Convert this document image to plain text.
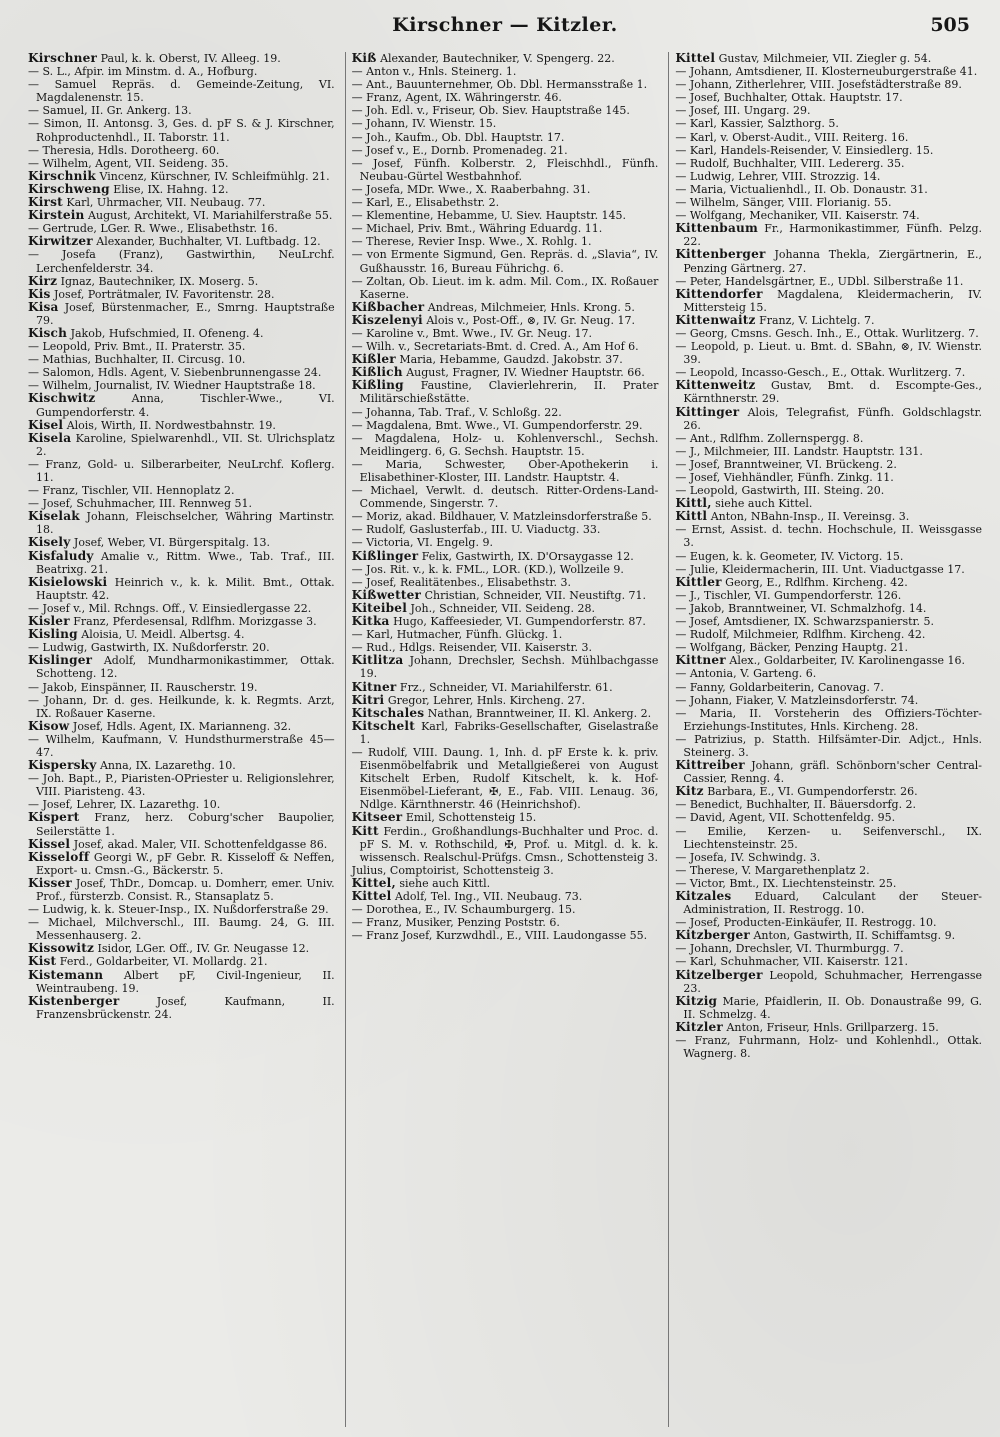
Kirschner — Kitzler.	505

Kirschner Paul, k. k. Oberst, IV. Alleeg. 19.

— S. L., Afpir. im Minstm. d. A., Hofburg.

— Samuel Repräs. d. Gemeinde-Zeitung, VI. Magdalenenstr. 15.

— Samuel, II. Gr. Ankerg. 13.

— Simon, II. Antonsg. 3, Ges. d. pF S. & J. Kirschner, Rohproductenhdl., II. Taborstr. 11.

— Theresia, Hdls. Dorotheerg. 60.

— Wilhelm, Agent, VII. Seideng. 35.

Kirschnik Vincenz, Kürschner, IV. Schleifmühlg. 21.

Kirschweng Elise, IX. Hahng. 12.

Kirst Karl, Uhrmacher, VII. Neubaug. 77.

Kirstein August, Architekt, VI. Mariahilferstraße 55.

— Gertrude, LGer. R. Wwe., Elisabethstr. 16.

Kirwitzer Alexander, Buchhalter, VI. Luftbadg. 12.

— Josefa (Franz), Gastwirthin, NeuLrchf. Lerchenfelderstr. 34.

Kirz Ignaz, Bautechniker, IX. Moserg. 5.

Kis Josef, Porträtmaler, IV. Favoritenstr. 28.

Kisa Josef, Bürstenmacher, E., Smrng. Hauptstraße 79.

Kisch Jakob, Hufschmied, II. Ofeneng. 4.

— Leopold, Priv. Bmt., II. Praterstr. 35.

— Mathias, Buchhalter, II. Circusg. 10.

— Salomon, Hdls. Agent, V. Siebenbrunnengasse 24.

— Wilhelm, Journalist, IV. Wiedner Hauptstraße 18.

Kischwitz Anna, Tischler-Wwe., VI. Gumpendorferstr. 4.

Kisel Alois, Wirth, II. Nordwestbahnstr. 19.

Kisela Karoline, Spielwarenhdl., VII. St. Ulrichsplatz 2.

— Franz, Gold- u. Silberarbeiter, NeuLrchf. Koflerg. 11.

— Franz, Tischler, VII. Hennoplatz 2.

— Josef, Schuhmacher, III. Rennweg 51.

Kiselak Johann, Fleischselcher, Währing Martinstr. 18.

Kisely Josef, Weber, VI. Bürgerspitalg. 13.

Kisfaludy Amalie v., Rittm. Wwe., Tab. Traf., III. Beatrixg. 21.

Kisielowski Heinrich v., k. k. Milit. Bmt., Ottak. Hauptstr. 42.

— Josef v., Mil. Rchngs. Off., V. Einsiedlergasse 22.

Kisler Franz, Pferdesensal, Rdlfhm. Morizgasse 3.

Kisling Aloisia, U. Meidl. Albertsg. 4.

— Ludwig, Gastwirth, IX. Nußdorferstr. 20.

Kislinger Adolf, Mundharmonikastimmer, Ottak. Schotteng. 12.

— Jakob, Einspänner, II. Rauscherstr. 19.

— Johann, Dr. d. ges. Heilkunde, k. k. Regmts. Arzt, IX. Roßauer Kaserne.

Kisow Josef, Hdls. Agent, IX. Marianneng. 32.

— Wilhelm, Kaufmann, V. Hundsthurmerstraße 45—47.

Kispersky Anna, IX. Lazarethg. 10.

— Joh. Bapt., P., Piaristen-OPriester u. Religionslehrer, VIII. Piaristeng. 43.

— Josef, Lehrer, IX. Lazarethg. 10.

Kispert Franz, herz. Coburg'scher Baupolier, Seilerstätte 1.

Kissel Josef, akad. Maler, VII. Schottenfeldgasse 86.

Kisseloff Georgi W., pF Gebr. R. Kisseloff & Neffen, Export- u. Cmsn.-G., Bäckerstr. 5.

Kisser Josef, ThDr., Domcap. u. Domherr, emer. Univ. Prof., fürsterzb. Consist. R., Stansaplatz 5.

— Ludwig, k. k. Steuer-Insp., IX. Nußdorferstraße 29.

— Michael, Milchverschl., III. Baumg. 24, G. III. Messenhauserg. 2.

Kissowitz Isidor, LGer. Off., IV. Gr. Neugasse 12.

Kist Ferd., Goldarbeiter, VI. Mollardg. 21.

Kistemann Albert pF, Civil-Ingenieur, II. Weintraubeng. 19.

Kistenberger Josef, Kaufmann, II. Franzensbrückenstr. 24.

Kiß Alexander, Bautechniker, V. Spengerg. 22.

— Anton v., Hnls. Steinerg. 1.

— Ant., Bauunternehmer, Ob. Dbl. Hermansstraße 1.

— Franz, Agent, IX. Währingerstr. 46.

— Joh. Edl. v., Friseur, Ob. Siev. Hauptstraße 145.

— Johann, IV. Wienstr. 15.

— Joh., Kaufm., Ob. Dbl. Hauptstr. 17.

— Josef v., E., Dornb. Promenadeg. 21.

— Josef, Fünfh. Kolberstr. 2, Fleischhdl., Fünfh. Neubau-Gürtel Westbahnhof.

— Josefa, MDr. Wwe., X. Raaberbahng. 31.

— Karl, E., Elisabethstr. 2.

— Klementine, Hebamme, U. Siev. Hauptstr. 145.

— Michael, Priv. Bmt., Währing Eduardg. 11.

— Therese, Revier Insp. Wwe., X. Rohlg. 1.

— von Ermente Sigmund, Gen. Repräs. d. „Slavia“, IV. Gußhausstr. 16, Bureau Führichg. 6.

— Zoltan, Ob. Lieut. im k. adm. Mil. Com., IX. Roßauer Kaserne.

Kißbacher Andreas, Milchmeier, Hnls. Krong. 5.

Kiszelenyi Alois v., Post-Off., ⊗, IV. Gr. Neug. 17.

— Karoline v., Bmt. Wwe., IV. Gr. Neug. 17.

— Wilh. v., Secretariats-Bmt. d. Cred. A., Am Hof 6.

Kißler Maria, Hebamme, Gaudzd. Jakobstr. 37.

Kißlich August, Fragner, IV. Wiedner Hauptstr. 66.

Kißling Faustine, Clavierlehrerin, II. Prater Militärschießstätte.

— Johanna, Tab. Traf., V. Schloßg. 22.

— Magdalena, Bmt. Wwe., VI. Gumpendorferstr. 29.

— Magdalena, Holz- u. Kohlenverschl., Sechsh. Meidlingerg. 6, G. Sechsh. Hauptstr. 15.

— Maria, Schwester, Ober-Apothekerin i. Elisabethiner-Kloster, III. Landstr. Hauptstr. 4.

— Michael, Verwlt. d. deutsch. Ritter-Ordens-Land-Commende, Singerstr. 7.

— Moriz, akad. Bildhauer, V. Matzleinsdorferstraße 5.

— Rudolf, Gaslusterfab., III. U. Viaductg. 33.

— Victoria, VI. Engelg. 9.

Kißlinger Felix, Gastwirth, IX. D'Orsaygasse 12.

— Jos. Rit. v., k. k. FML., LOR. (KD.), Wollzeile 9.

— Josef, Realitätenbes., Elisabethstr. 3.

Kißwetter Christian, Schneider, VII. Neustiftg. 71.

Kiteibel Joh., Schneider, VII. Seideng. 28.

Kitka Hugo, Kaffeesieder, VI. Gumpendorferstr. 87.

— Karl, Hutmacher, Fünfh. Glückg. 1.

— Rud., Hdlgs. Reisender, VII. Kaiserstr. 3.

Kitlitza Johann, Drechsler, Sechsh. Mühlbachgasse 19.

Kitner Frz., Schneider, VI. Mariahilferstr. 61.

Kitri Gregor, Lehrer, Hnls. Kircheng. 27.

Kitschales Nathan, Branntweiner, II. Kl. Ankerg. 2.

Kitschelt Karl, Fabriks-Gesellschafter, Giselastraße 1.

— Rudolf, VIII. Daung. 1, Inh. d. pF Erste k. k. priv. Eisenmöbelfabrik und Metallgießerei von August Kitschelt Erben, Rudolf Kitschelt, k. k. Hof-Eisenmöbel-Lieferant, ✠, E., Fab. VIII. Lenaug. 36, Ndlge. Kärnthnerstr. 46 (Heinrichshof).

Kitseer Emil, Schottensteig 15.

Kitt Ferdin., Großhandlungs-Buchhalter und Proc. d. pF S. M. v. Rothschild, ✠, Prof. u. Mitgl. d. k. k. wissensch. Realschul-Prüfgs. Cmsn., Schottensteig 3.

Julius, Comptoirist, Schottensteig 3.

Kittel, siehe auch Kittl.

Kittel Adolf, Tel. Ing., VII. Neubaug. 73.

— Dorothea, E., IV. Schaumburgerg. 15.

— Franz, Musiker, Penzing Poststr. 6.

— Franz Josef, Kurzwdhdl., E., VIII. Laudongasse 55.

Kittel Gustav, Milchmeier, VII. Ziegler g. 54.

— Johann, Amtsdiener, II. Klosterneuburgerstraße 41.

— Johann, Zitherlehrer, VIII. Josefstädterstraße 89.

— Josef, Buchhalter, Ottak. Hauptstr. 17.

— Josef, III. Ungarg. 29.

— Karl, Kassier, Salzthorg. 5.

— Karl, v. Oberst-Audit., VIII. Reiterg. 16.

— Karl, Handels-Reisender, V. Einsiedlerg. 15.

— Rudolf, Buchhalter, VIII. Ledererg. 35.

— Ludwig, Lehrer, VIII. Strozzig. 14.

— Maria, Victualienhdl., II. Ob. Donaustr. 31.

— Wilhelm, Sänger, VIII. Florianig. 55.

— Wolfgang, Mechaniker, VII. Kaiserstr. 74.

Kittenbaum Fr., Harmonikastimmer, Fünfh. Pelzg. 22.

Kittenberger Johanna Thekla, Ziergärtnerin, E., Penzing Gärtnerg. 27.

— Peter, Handelsgärtner, E., UDbl. Silberstraße 11.

Kittendorfer Magdalena, Kleidermacherin, IV. Mittersteig 15.

Kittenwaitz Franz, V. Lichtelg. 7.

— Georg, Cmsns. Gesch. Inh., E., Ottak. Wurlitzerg. 7.

— Leopold, p. Lieut. u. Bmt. d. SBahn, ⊗, IV. Wienstr. 39.

— Leopold, Incasso-Gesch., E., Ottak. Wurlitzerg. 7.

Kittenweitz Gustav, Bmt. d. Escompte-Ges., Kärnthnerstr. 29.

Kittinger Alois, Telegrafist, Fünfh. Goldschlagstr. 26.

— Ant., Rdlfhm. Zollernspergg. 8.

— J., Milchmeier, III. Landstr. Hauptstr. 131.

— Josef, Branntweiner, VI. Brückeng. 2.

— Josef, Viehhändler, Fünfh. Zinkg. 11.

— Leopold, Gastwirth, III. Steing. 20.

Kittl, siehe auch Kittel.

Kittl Anton, NBahn-Insp., II. Vereinsg. 3.

— Ernst, Assist. d. techn. Hochschule, II. Weissgasse 3.

— Eugen, k. k. Geometer, IV. Victorg. 15.

— Julie, Kleidermacherin, III. Unt. Viaductgasse 17.

Kittler Georg, E., Rdlfhm. Kircheng. 42.

— J., Tischler, VI. Gumpendorferstr. 126.

— Jakob, Branntweiner, VI. Schmalzhofg. 14.

— Josef, Amtsdiener, IX. Schwarzspanierstr. 5.

— Rudolf, Milchmeier, Rdlfhm. Kircheng. 42.

— Wolfgang, Bäcker, Penzing Hauptg. 21.

Kittner Alex., Goldarbeiter, IV. Karolinengasse 16.

— Antonia, V. Garteng. 6.

— Fanny, Goldarbeiterin, Canovag. 7.

— Johann, Fiaker, V. Matzleinsdorferstr. 74.

— Maria, II. Vorsteherin des Offiziers-Töchter-Erziehungs-Institutes, Hnls. Kircheng. 28.

— Patrizius, p. Statth. Hilfsämter-Dir. Adjct., Hnls. Steinerg. 3.

Kittreiber Johann, gräfl. Schönborn'scher Central-Cassier, Renng. 4.

Kitz Barbara, E., VI. Gumpendorferstr. 26.

— Benedict, Buchhalter, II. Bäuersdorfg. 2.

— David, Agent, VII. Schottenfeldg. 95.

— Emilie, Kerzen- u. Seifenverschl., IX. Liechtensteinstr. 25.

— Josefa, IV. Schwindg. 3.

— Therese, V. Margarethenplatz 2.

— Victor, Bmt., IX. Liechtensteinstr. 25.

Kitzales Eduard, Calculant der Steuer-Administration, II. Restrogg. 10.

— Josef, Producten-Einkäufer, II. Restrogg. 10.

Kitzberger Anton, Gastwirth, II. Schiffamtsg. 9.

— Johann, Drechsler, VI. Thurmburgg. 7.

— Karl, Schuhmacher, VII. Kaiserstr. 121.

Kitzelberger Leopold, Schuhmacher, Herrengasse 23.

Kitzig Marie, Pfaidlerin, II. Ob. Donaustraße 99, G. II. Schmelzg. 4.

Kitzler Anton, Friseur, Hnls. Grillparzerg. 15.

— Franz, Fuhrmann, Holz- und Kohlenhdl., Ottak. Wagnerg. 8.
